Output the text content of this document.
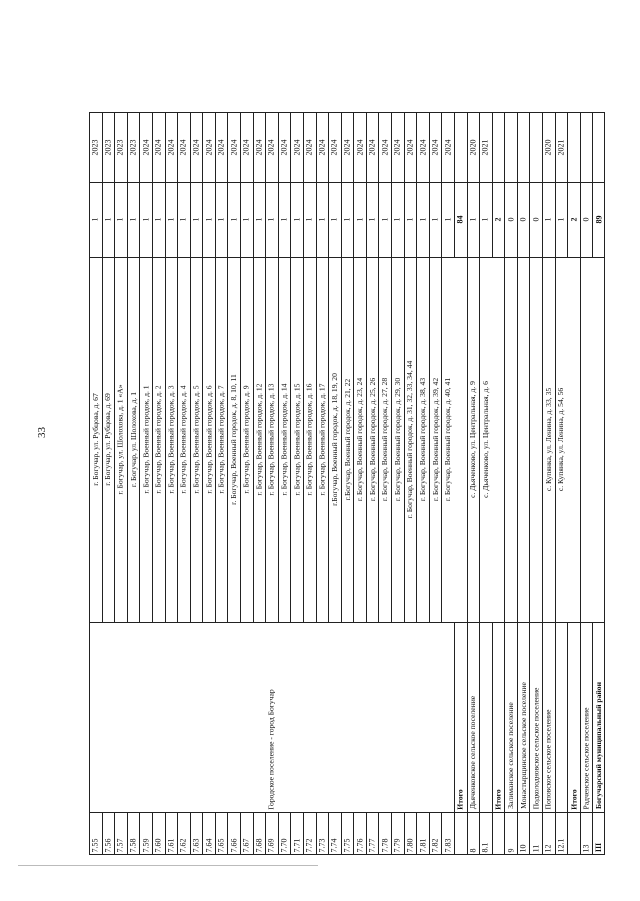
33
7.55
г. Богучар, ул. Рубцова, д. 67
1
2023
7.56
г. Богучар, ул. Рубцова, д. 69
1
2023
7.57
г. Богучар, ул. Шолохова, д. 1 «А»
1
2023
7.58
г. Богучар, ул. Шолохова, д. 1
1
2023
7.59
г. Богучар, Военный городок, д. 1
1
2024
7.60
г. Богучар, Военный городок, д. 2
1
2024
7.61
г. Богучар, Военный городок, д. 3
1
2024
7.62
г. Богучар, Военный городок, д. 4
1
2024
7.63
г. Богучар, Военный городок, д. 5
1
2024
7.64
г. Богучар, Военный городок, д. 6
1
2024
7.65
г. Богучар, Военный городок, д. 7
1
2024
7.66
г. Богучар, Военный городок, д. 8, 10, 11
1
2024
7.67
г. Богучар, Военный городок, д. 9
1
2024
7.68
Городское поселение - город Богучар
г. Богучар, Военный городок, д. 12
1
2024
7.69
г. Богучар, Военный городок, д. 13
1
2024
7.70
г. Богучар, Военный городок, д. 14
1
2024
7.71
г. Богучар, Военный городок, д. 15
1
2024
7.72
г. Богучар, Военный городок, д. 16
1
2024
7.73
г. Богучар, Военный городок, д. 17
1
2024
7.74
г.Богучар, Военный городок, д. 18, 19, 20
1
2024
7.75
г.Богучар, Военный городок, д. 21, 22
1
2024
7.76
г. Богучар, Военный городок, д. 23, 24
1
2024
7.77
г. Богучар, Военный городок, д. 25, 26
1
2024
7.78
г. Богучар, Военный городок, д. 27, 28
1
2024
7.79
г. Богучар, Военный городок, д. 29, 30
1
2024
7.80
г. Богучар, Военный городок, д. 31, 32, 33, 34, 44
1
2024
7.81
г. Богучар, Военный городок, д. 38, 43
1
2024
7.82
г. Богучар, Военный городок, д. 39, 42
1
2024
7.83
г. Богучар, Военный городок, д. 40, 41
1
2024
Итого
84
8
Дьяченковское сельское поселение
с. Дьяченково, ул. Центральная, д. 9
1
2020
8.1
с. Дьяченково, ул. Центральная, д. 6
1
2021
Итого
2
9
Залиманское сельское поселение
0
10
Монастырщинское сельское поселение
0
11
Подколодновское сельское поселение
0
12
Поповское сельское поселение
с. Купянка, ул. Ленина, д. 33, 35
1
2020
12.1
с. Купянка, ул. Ленина, д. 54, 56
1
2021
Итого
2
13
Радченское сельское поселение
0
III
Богучарский муниципальный район
89
